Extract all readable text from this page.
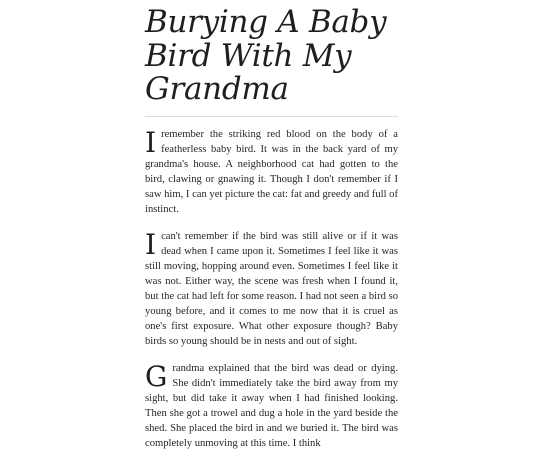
Burying A Baby Bird With My Grandma

Iremember the striking red blood on the body of a featherless baby bird. It was in the back yard of my grandma's house. A neighborhood cat had gotten to the bird, clawing or gnawing it. Though I don't remember if I saw him, I can yet picture the cat: fat and greedy and full of instinct.

Ican't remember if the bird was still alive or if it was dead when I came upon it. Sometimes I feel like it was still moving, hopping around even. Sometimes I feel like it was not. Either way, the scene was fresh when I found it, but the cat had left for some reason. I had not seen a bird so young before, and it comes to me now that it is cruel as one's first exposure. What other exposure though? Baby birds so young should be in nests and out of sight.

Grandma explained that the bird was dead or dying. She didn't immediately take the bird away from my sight, but did take it away when I had finished looking. Then she got a trowel and dug a hole in the yard beside the shed. She placed the bird in and we buried it. The bird was completely unmoving at this time. I think
